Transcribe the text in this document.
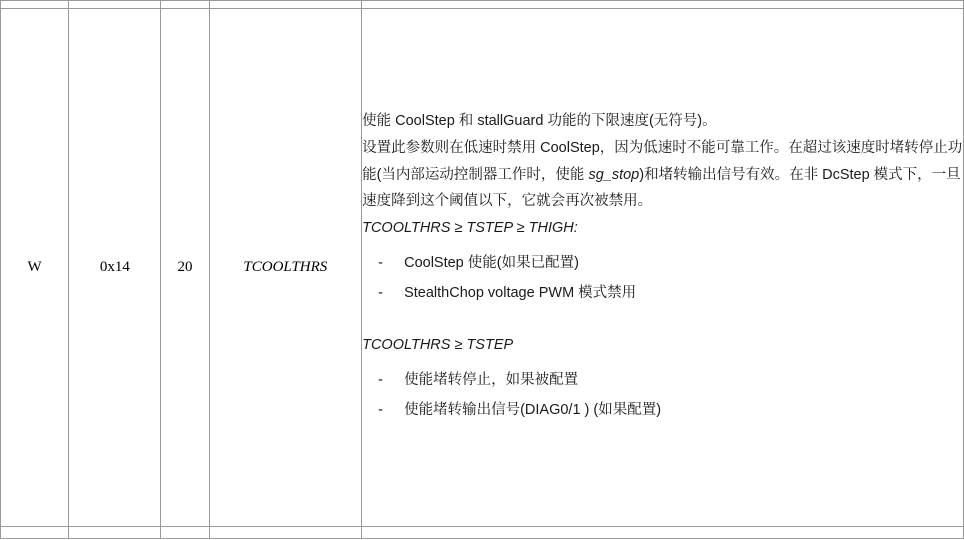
W	0x14	20	TCOOLTHRS	

使能 CoolStep 和 stallGuard 功能的下限速度(无符号)。

设置此参数则在低速时禁用 CoolStep，因为低速时不能可靠工作。在超过该速度时堵转停止功能(当内部运动控制器工作时，使能 sg_stop)和堵转输出信号有效。在非 DcStep 模式下，一旦速度降到这个阈值以下，它就会再次被禁用。

TCOOLTHRS ≥ TSTEP ≥ THIGH:

- CoolStep 使能(如果已配置)
- StealthChop voltage PWM 模式禁用

TCOOLTHRS ≥ TSTEP

- 使能堵转停止，如果被配置
- 使能堵转输出信号(DIAG0/1 ) (如果配置)
